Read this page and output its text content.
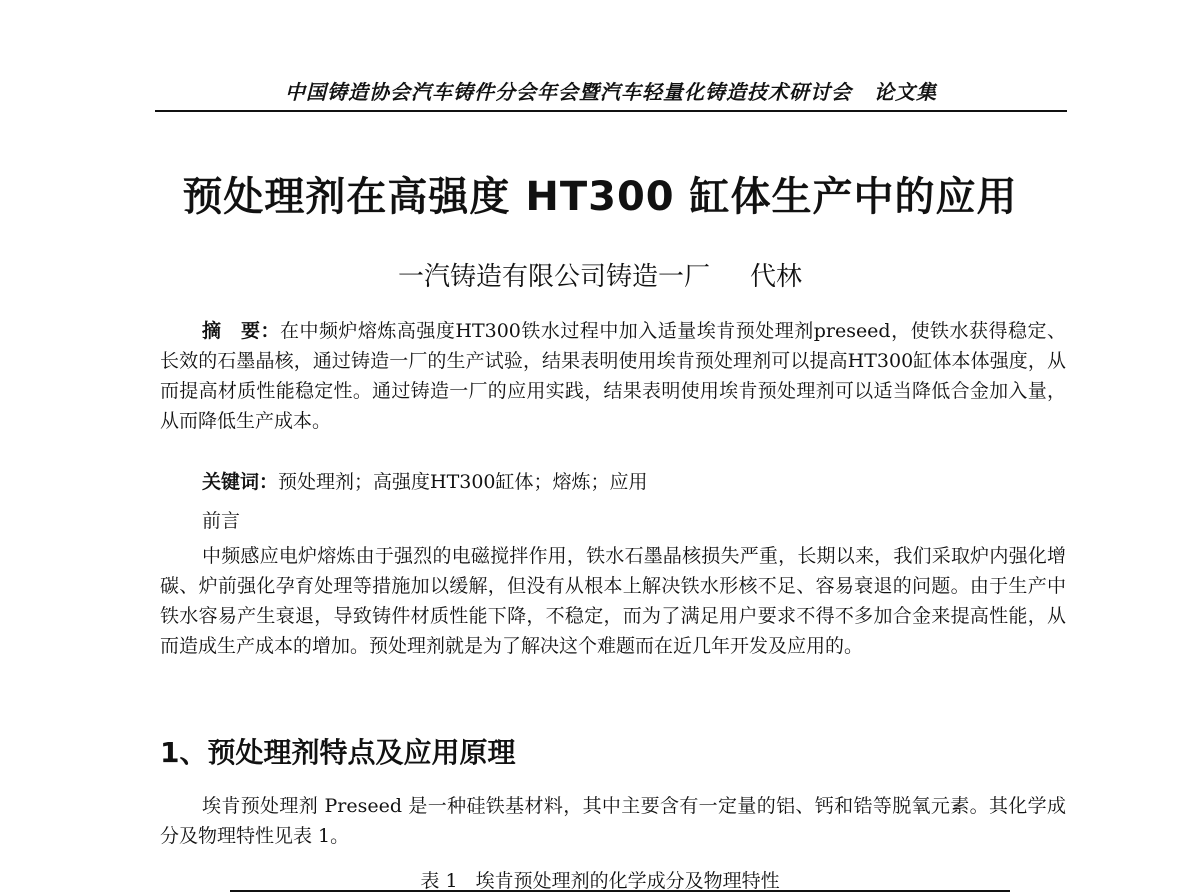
中国铸造协会汽车铸件分会年会暨汽车轻量化铸造技术研讨会 论文集
预处理剂在高强度 HT300 缸体生产中的应用
一汽铸造有限公司铸造一厂 代林
摘　要：在中频炉熔炼高强度HT300铁水过程中加入适量埃肯预处理剂preseed，使铁水获得稳定、长效的石墨晶核，通过铸造一厂的生产试验，结果表明使用埃肯预处理剂可以提高HT300缸体本体强度，从而提高材质性能稳定性。通过铸造一厂的应用实践，结果表明使用埃肯预处理剂可以适当降低合金加入量，从而降低生产成本。
关键词：预处理剂；高强度HT300缸体；熔炼；应用
前言
中频感应电炉熔炼由于强烈的电磁搅拌作用，铁水石墨晶核损失严重，长期以来，我们采取炉内强化增碳、炉前强化孕育处理等措施加以缓解，但没有从根本上解决铁水形核不足、容易衰退的问题。由于生产中铁水容易产生衰退，导致铸件材质性能下降，不稳定，而为了满足用户要求不得不多加合金来提高性能，从而造成生产成本的增加。预处理剂就是为了解决这个难题而在近几年开发及应用的。
1、预处理剂特点及应用原理
埃肯预处理剂 Preseed 是一种硅铁基材料，其中主要含有一定量的铝、钙和锆等脱氧元素。其化学成分及物理特性见表 1。
表 1 埃肯预处理剂的化学成分及物理特性
